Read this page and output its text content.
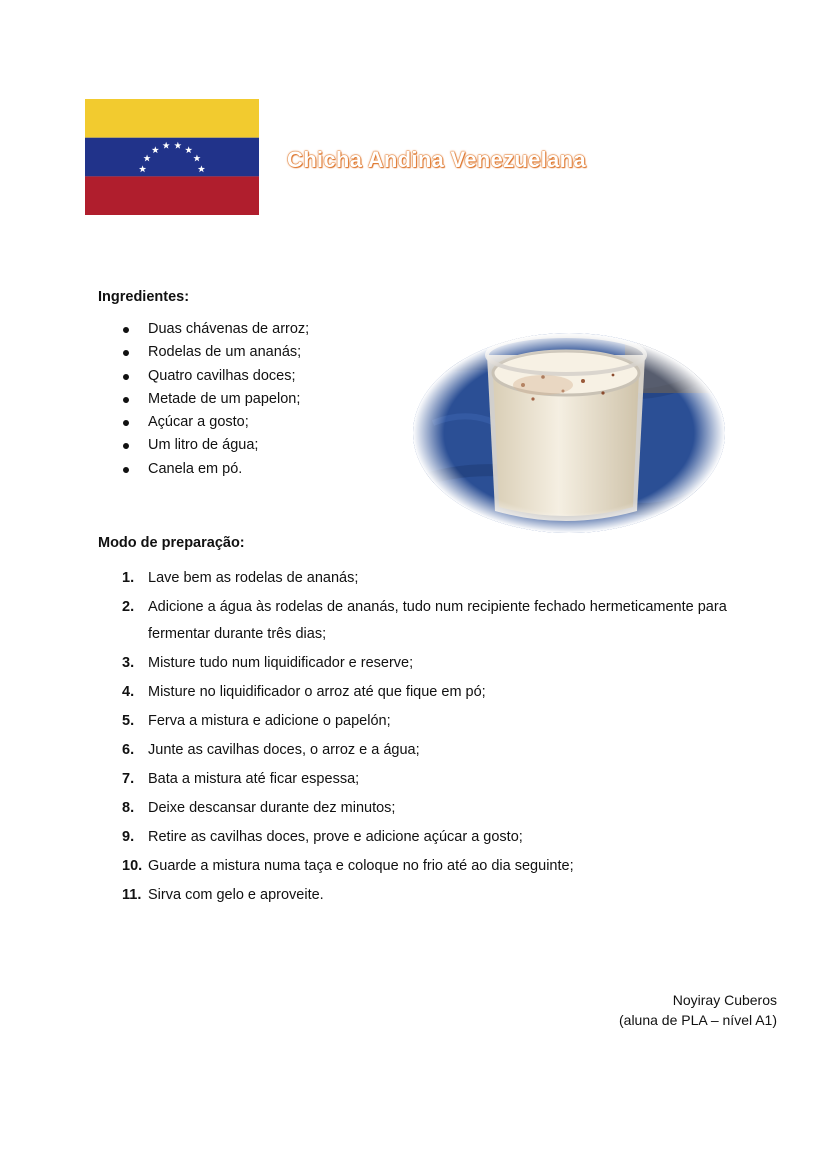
Chicha Andina Venezuelana
Ingredientes:
Duas chávenas de arroz;
Rodelas de um ananás;
Quatro cavilhas doces;
Metade de um papelon;
Açúcar a gosto;
Um litro de água;
Canela em pó.
Modo de preparação:
1. Lave bem as rodelas de ananás;
2. Adicione a água às rodelas de ananás, tudo num recipiente fechado hermeticamente para fermentar durante três dias;
3. Misture tudo num liquidificador e reserve;
4. Misture no liquidificador o arroz até que fique em pó;
5. Ferva a mistura e adicione o papelón;
6. Junte as cavilhas doces, o arroz e a água;
7. Bata a mistura até ficar espessa;
8. Deixe descansar durante dez minutos;
9. Retire as cavilhas doces, prove e adicione açúcar a gosto;
10. Guarde a mistura numa taça e coloque no frio até ao dia seguinte;
11. Sirva com gelo e aproveite.
Noyiray Cuberos
(aluna de PLA – nível A1)
